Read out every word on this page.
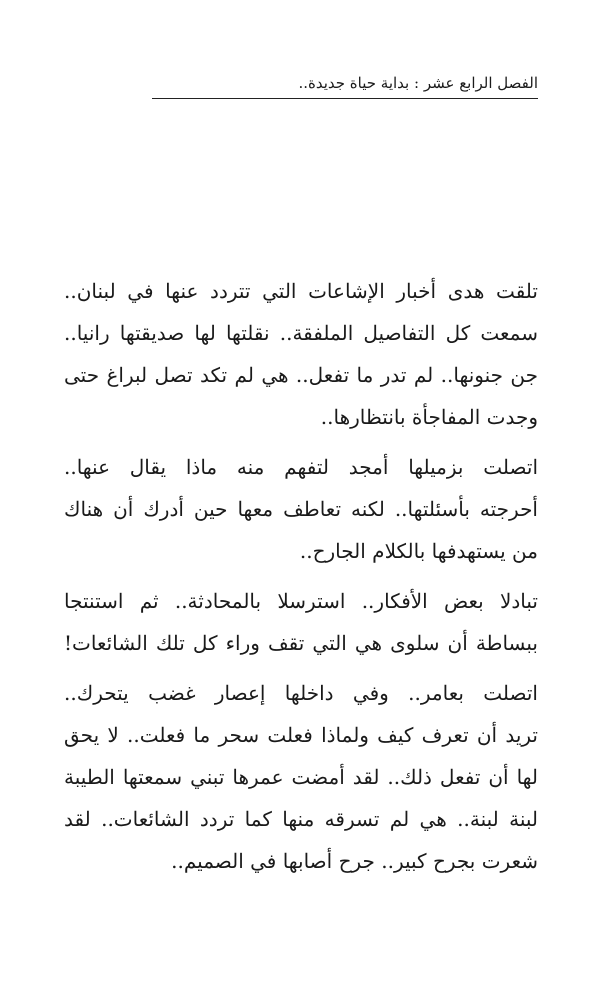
الفصل الرابع عشر : بداية حياة جديدة..
تلقت هدى أخبار الإشاعات التي تتردد عنها في لبنان..
سمعت كل التفاصيل الملفقة.. نقلتها لها صديقتها رانيا..
جن جنونها.. لم تدر ما تفعل.. هي لم تكد تصل لبراغ حتى
وجدت المفاجأة بانتظارها..
اتصلت بزميلها أمجد لتفهم منه ماذا يقال عنها..
أحرجته بأسئلتها.. لكنه تعاطف معها حين أدرك أن هناك
من يستهدفها بالكلام الجارح..
تبادلا بعض الأفكار.. استرسلا بالمحادثة.. ثم استنتجا
ببساطة أن سلوى هي التي تقف وراء كل تلك الشائعات!
اتصلت بعامر.. وفي داخلها إعصار غضب يتحرك..
تريد أن تعرف كيف ولماذا فعلت سحر ما فعلت.. لا يحق
لها أن تفعل ذلك.. لقد أمضت عمرها تبني سمعتها الطيبة
لبنة لبنة.. هي لم تسرقه منها كما تردد الشائعات.. لقد
شعرت بجرح كبير.. جرح أصابها في الصميم..
